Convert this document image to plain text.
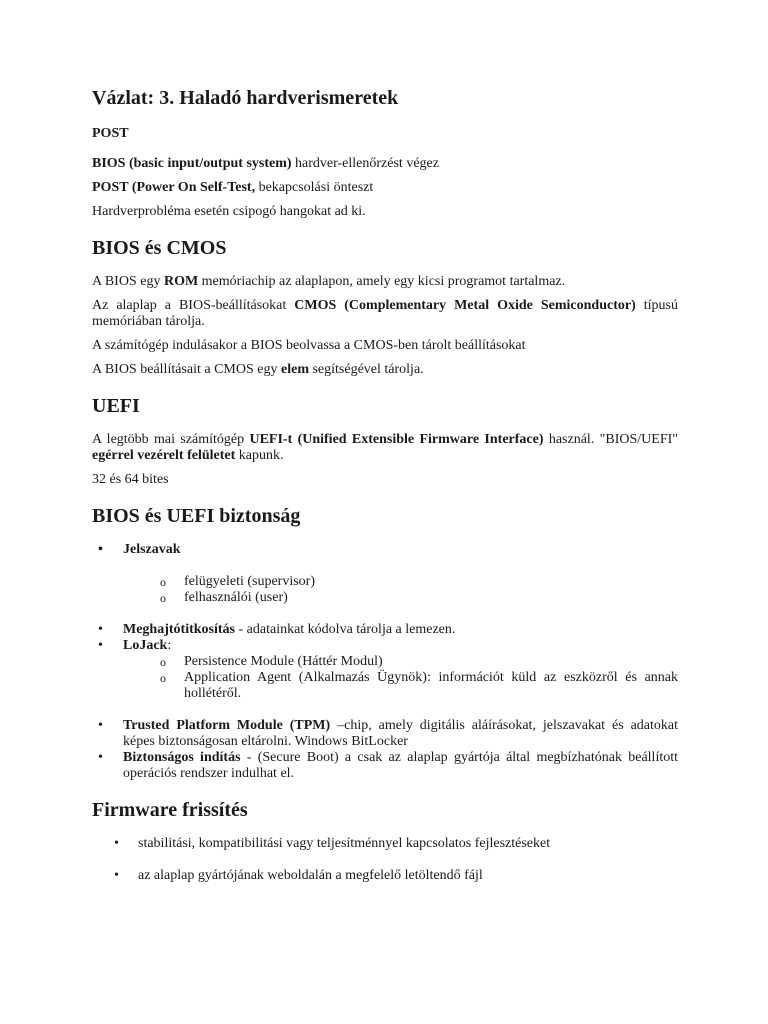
Vázlat: 3. Haladó hardverismeretek

POST

BIOS (basic input/output system) hardver-ellenőrzést végez

POST (Power On Self-Test, bekapcsolási önteszt

Hardverprobléma esetén csipogó hangokat ad ki.

BIOS és CMOS

A BIOS egy ROM memóriachip az alaplapon, amely egy kicsi programot tartalmaz.

Az alaplap a BIOS-beállításokat CMOS (Complementary Metal Oxide Semiconductor) típusú memóriában tárolja.

A számítógép indulásakor a BIOS beolvassa a CMOS-ben tárolt beállításokat

A BIOS beállításait a CMOS egy elem segítségével tárolja.

UEFI

A legtöbb mai számítógép UEFI-t (Unified Extensible Firmware Interface) használ. "BIOS/UEFI" egérrel vezérelt felületet kapunk.

32 és 64 bites

BIOS és UEFI biztonság
• Jelszavak
o felügyeleti (supervisor)
o felhasználói (user)
• Meghajtótitkosítás - adatainkat kódolva tárolja a lemezen.
• LoJack:
o Persistence Module (Háttér Modul)
o Application Agent (Alkalmazás Ügynök): információt küld az eszközről és annak hollétéről.
• Trusted Platform Module (TPM) –chip, amely digitális aláírásokat, jelszavakat és adatokat képes biztonságosan eltárolni. Windows BitLocker
• Biztonságos indítás - (Secure Boot) a csak az alaplap gyártója által megbízhatónak beállított operációs rendszer indulhat el.
Firmware frissítés
• stabilitási, kompatibilitási vagy teljesítménnyel kapcsolatos fejlesztéseket
• az alaplap gyártójának weboldalán a megfelelő letöltendő fájl
